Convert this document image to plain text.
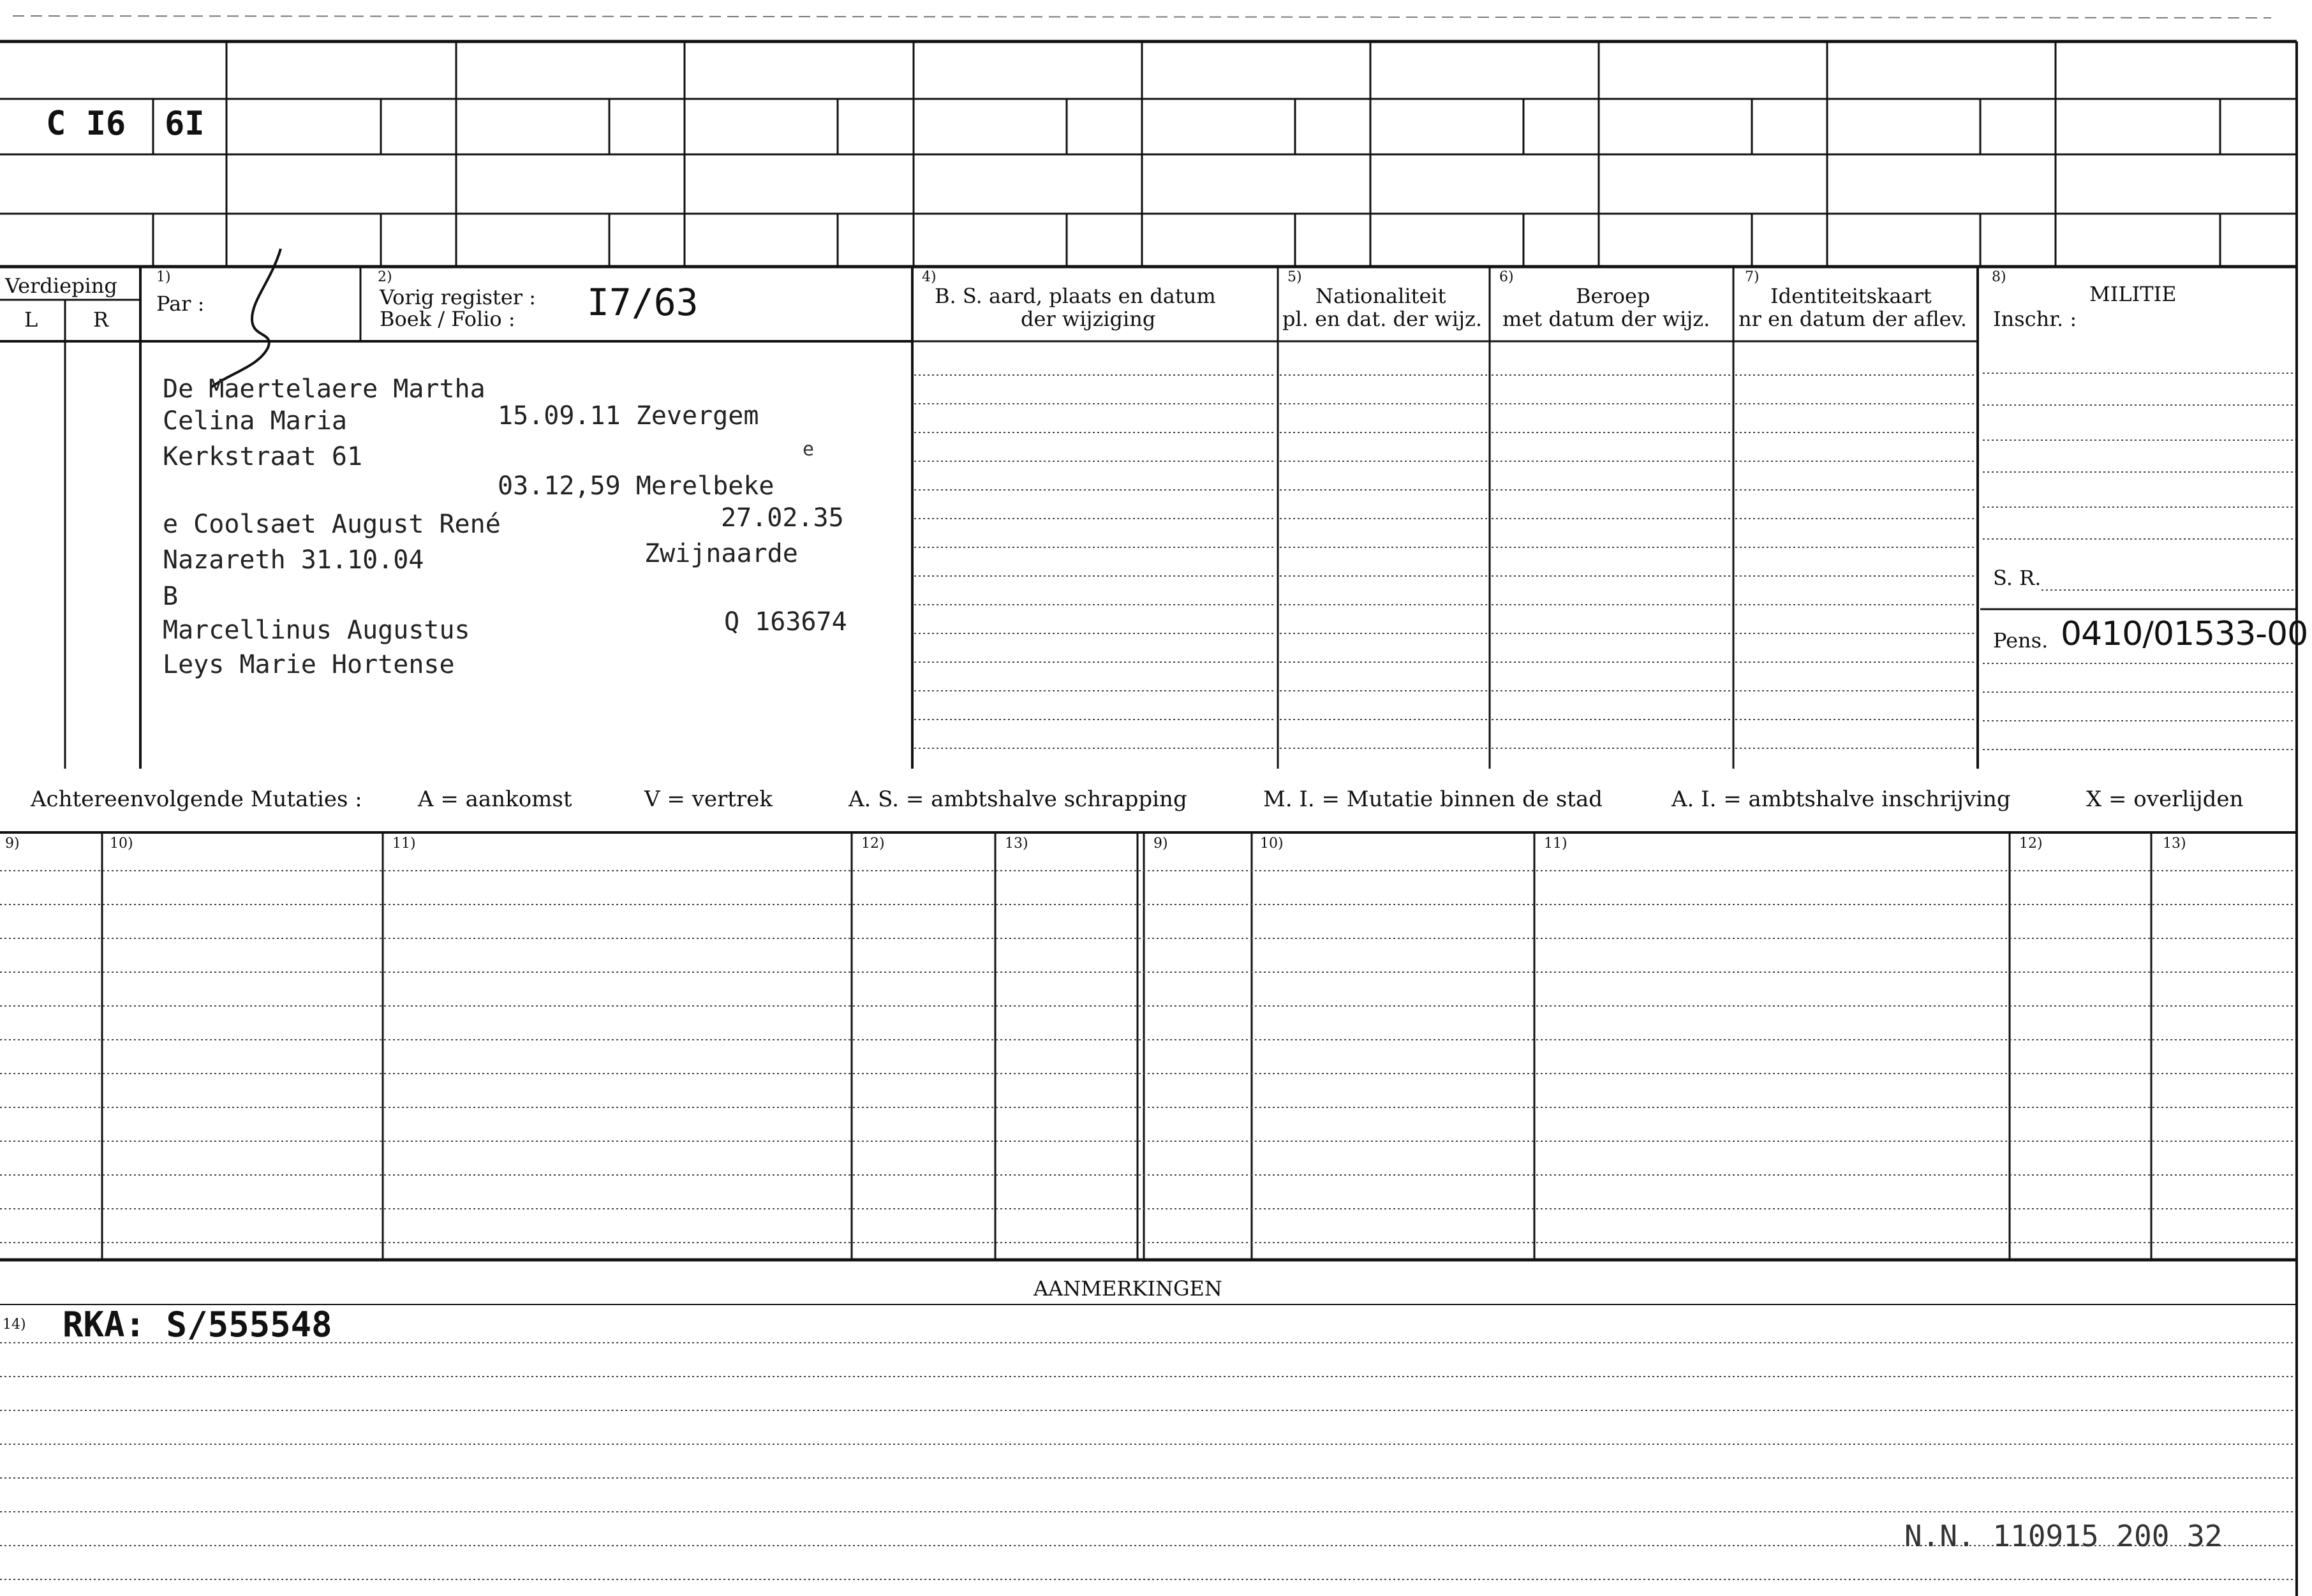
C I6 6I
Verdieping
L	R
1)
Par :
2)
Vorig register :
Boek / Folio : I7/63
4)
B. S. aard, plaats en datum
der wijziging
5)
Nationaliteit
pl. en dat. der wijz.
6)
Beroep
met datum der wijz.
7)
Identiteitskaart
nr en datum der aflev.
8)
MILITIE
Inschr. :
S. R.
Pens. 0410/01533-00
De Maertelaere Martha
Celina Maria	15.09.11 Zevergem
Kerkstraat 61	e
03.12,59 Merelbeke
e Coolsaet August René	27.02.35
Nazareth 31.10.04	Zwijnaarde
B
Marcellinus Augustus	Q 163674
Leys Marie Hortense
Achtereenvolgende Mutaties :	A = aankomst	V = vertrek	A. S. = ambtshalve schrapping	M. I. = Mutatie binnen de stad	A. I. = ambtshalve inschrijving	X = overlijden
9)	10)	11)	12)	13)	9)	10)	11)	12)	13)
AANMERKINGEN
14) RKA: S/555548
N.N. 110915 200 32
